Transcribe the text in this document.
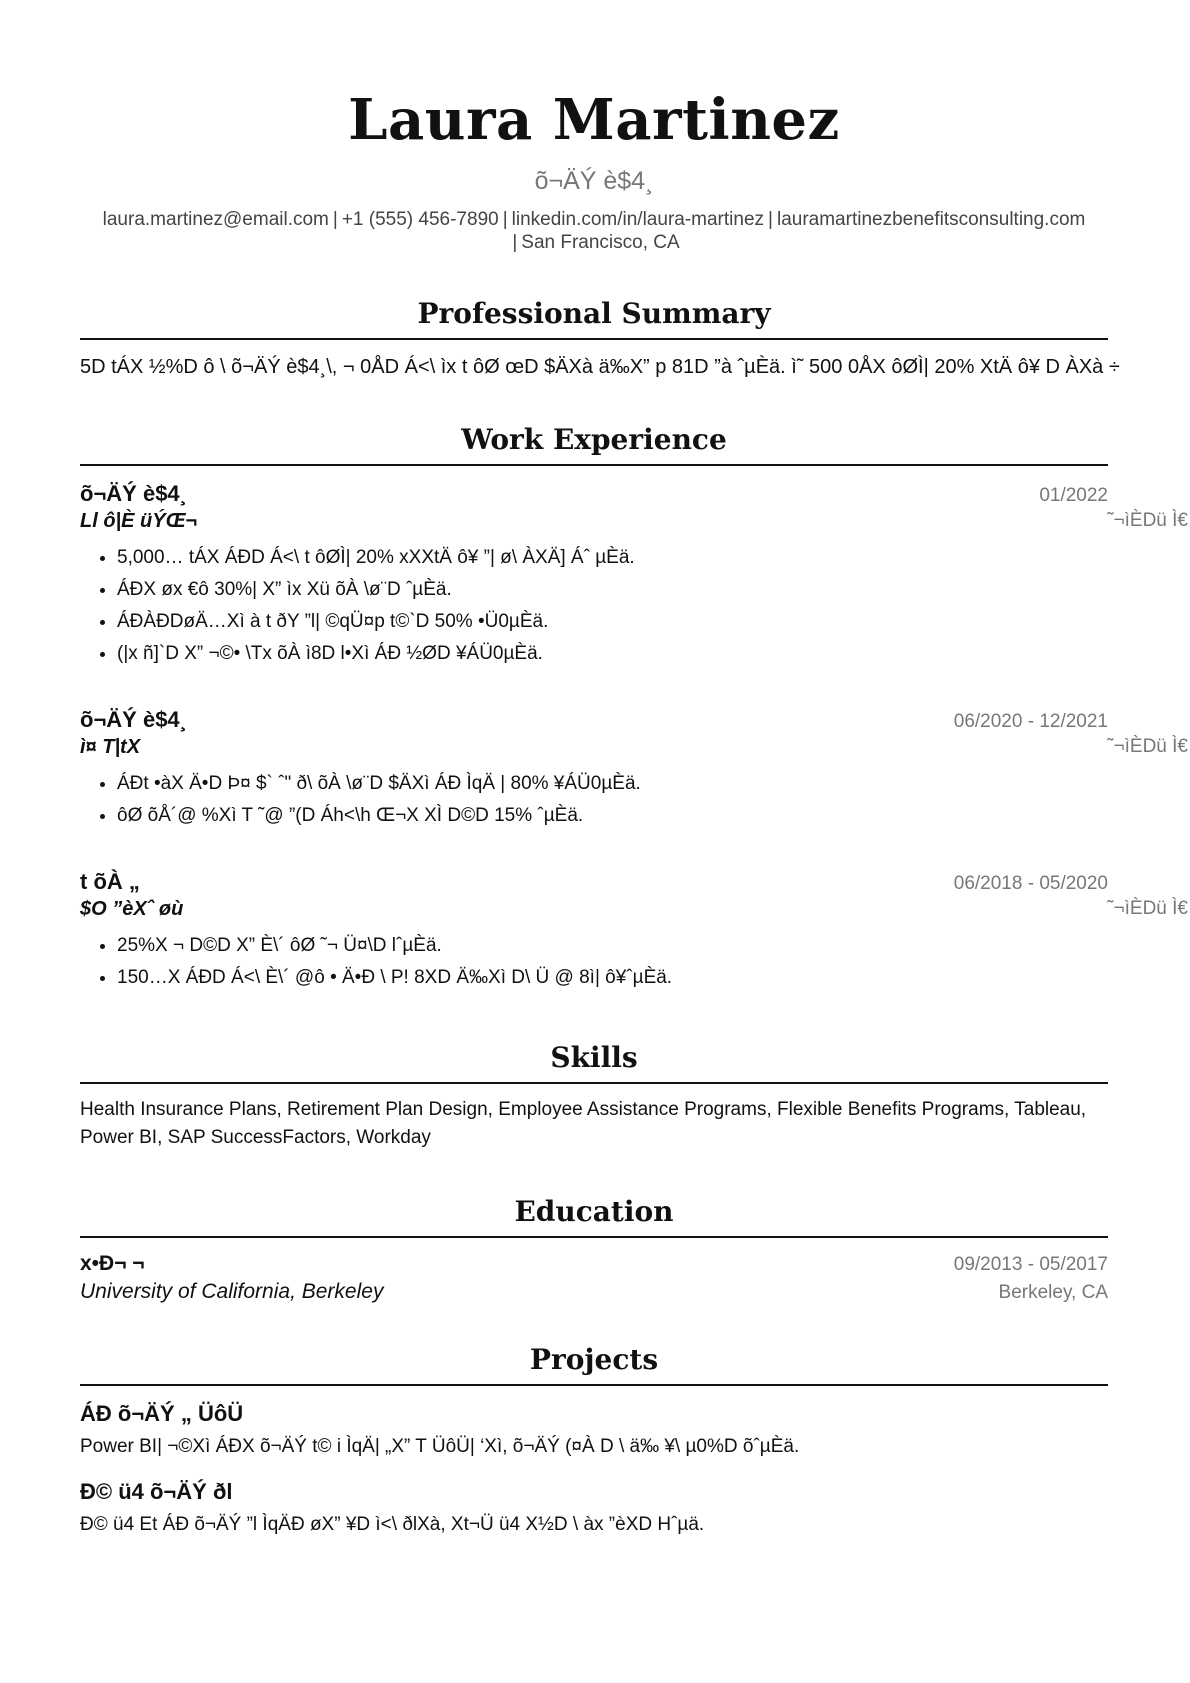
Laura Martinez
õ¬ÄÝ è$4¸
laura.martinez@email.com | +1 (555) 456-7890 | linkedin.com/in/laura-martinez | lauramartinezbenefitsconsulting.com
| San Francisco, CA
Professional Summary
5D tÁX ½%D ô \ õ¬ÄÝ è$4¸\, ¬ 0ÅD Á<\ ìx t ôØ œD $ÄXà ä‰X” p 81D ”à ˆµÈä. ì˜ 500 0ÅX ôØÌ| 20% XtÄ ô¥ D ÀXà ÷
Work Experience
õ¬ÄÝ è$4¸	01/2022
Ll ô|È üÝŒ¬	˜¬ìÈDü Ì€
• 5,000… tÁX ÁÐD Á<\ t ôØÌ| 20% xXXtÄ ô¥ ”| ø\ ÀXÄ] Áˆ µÈä.
• ÁÐX øx €ô 30%| X” ìx Xü õÀ \ø¨D ˆµÈä.
• ÁÐÀÐDøÄ…Xì à t ðY ”l| ©qÜ¤p t©`D 50% •Ü0µÈä.
• (|x ñ]`D X” ¬©• \Tx õÀ ì8D l•Xì ÁÐ ½ØD ¥ÁÜ0µÈä.
õ¬ÄÝ è$4¸	06/2020 - 12/2021
ì¤ T|tX	˜¬ìÈDü Ì€
• ÁÐt •àX Ä•D Þ¤ $` ˆ" ð\ õÀ \ø¨D $ÄXì ÁÐ ÌqÄ | 80% ¥ÁÜ0µÈä.
• ôØ õÅ´@ %Xì T ˜@ ”(D Áh<\h Œ¬X XÌ D©D 15% ˆµÈä.
t õÀ „	06/2018 - 05/2020
$O ”èXˆ øù	˜¬ìÈDü Ì€
• 25%X ¬ D©D X” È\´ ôØ ˜¬ Ü¤\D lˆµÈä.
• 150…X ÁÐD Á<\ È\´ @ô • Ä•Ð \ P! 8XD Ä‰Xì D\ Ü @ 8ì| ô¥ˆµÈä.
Skills
Health Insurance Plans, Retirement Plan Design, Employee Assistance Programs, Flexible Benefits Programs, Tableau, Power BI, SAP SuccessFactors, Workday
Education
x•Ð¬ ¬	09/2013 - 05/2017
University of California, Berkeley	Berkeley, CA
Projects
ÁÐ õ¬ÄÝ „ ÜôÜ
Power BI| ¬©Xì ÁÐX õ¬ÄÝ t© i ÌqÄ| „X” T ÜôÜ| ‘Xì, õ¬ÄÝ (¤À D \ ä‰ ¥\ µ0%D õˆµÈä.
Ð© ü4 õ¬ÄÝ ðl
Ð© ü4 Et ÁÐ õ¬ÄÝ ”l ÌqÄÐ øX” ¥D ì<\ ðlXà, Xt¬Ü ü4 X½D \ àx ”èXD Hˆµä.
